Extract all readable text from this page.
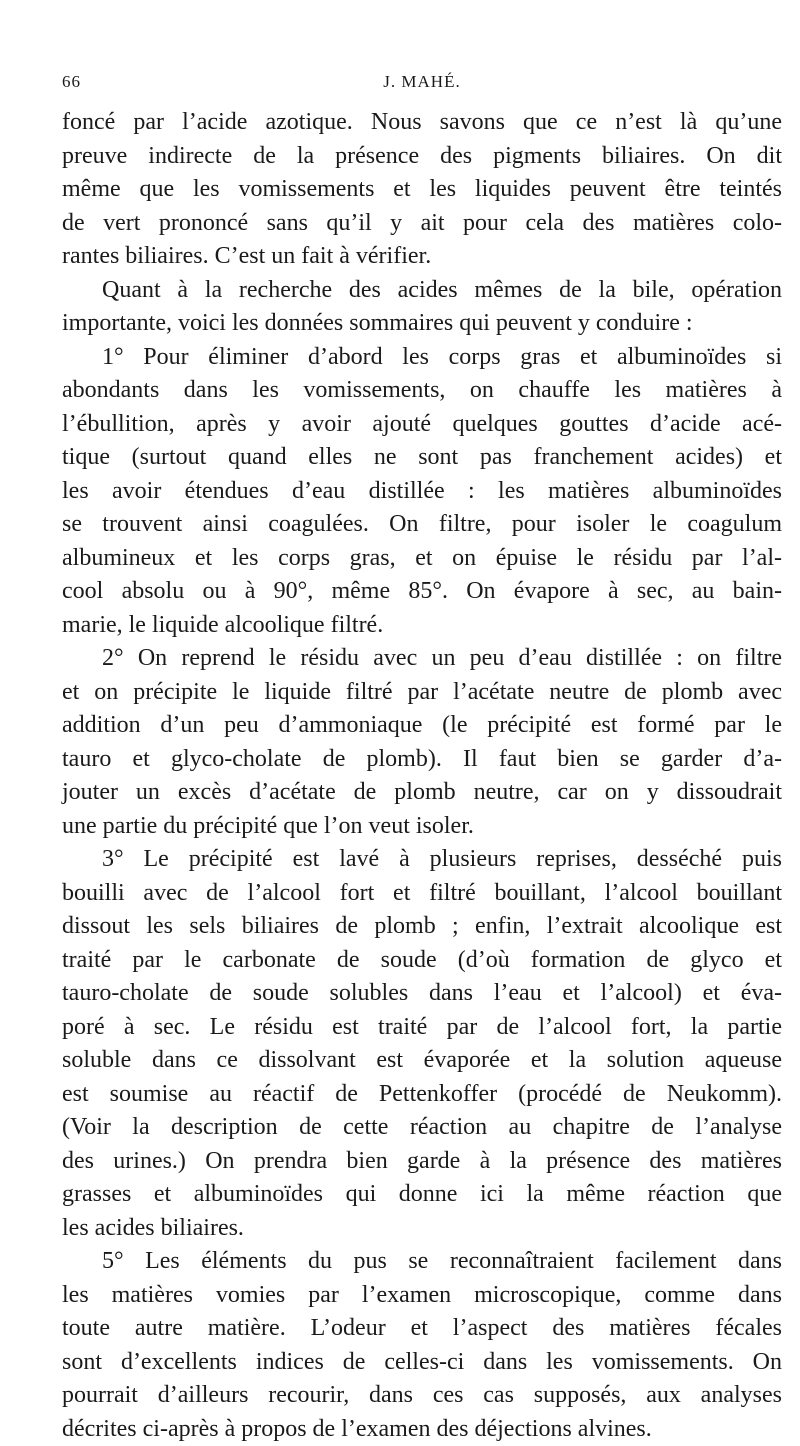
66	J. MAHÉ.

foncé par l’acide azotique. Nous savons que ce n’est là qu’une
preuve indirecte de la présence des pigments biliaires. On dit
même que les vomissements et les liquides peuvent être teintés
de vert prononcé sans qu’il y ait pour cela des matières colo-
rantes biliaires. C’est un fait à vérifier.

Quant à la recherche des acides mêmes de la bile, opération
importante, voici les données sommaires qui peuvent y conduire :

1° Pour éliminer d’abord les corps gras et albuminoïdes si
abondants dans les vomissements, on chauffe les matières à
l’ébullition, après y avoir ajouté quelques gouttes d’acide acé-
tique (surtout quand elles ne sont pas franchement acides) et
les avoir étendues d’eau distillée : les matières albuminoïdes
se trouvent ainsi coagulées. On filtre, pour isoler le coagulum
albumineux et les corps gras, et on épuise le résidu par l’al-
cool absolu ou à 90°, même 85°. On évapore à sec, au bain-
marie, le liquide alcoolique filtré.

2° On reprend le résidu avec un peu d’eau distillée : on filtre
et on précipite le liquide filtré par l’acétate neutre de plomb avec
addition d’un peu d’ammoniaque (le précipité est formé par le
tauro et glyco-cholate de plomb). Il faut bien se garder d’a-
jouter un excès d’acétate de plomb neutre, car on y dissoudrait
une partie du précipité que l’on veut isoler.

3° Le précipité est lavé à plusieurs reprises, desséché puis
bouilli avec de l’alcool fort et filtré bouillant, l’alcool bouillant
dissout les sels biliaires de plomb ; enfin, l’extrait alcoolique est
traité par le carbonate de soude (d’où formation de glyco et
tauro-cholate de soude solubles dans l’eau et l’alcool) et éva-
poré à sec. Le résidu est traité par de l’alcool fort, la partie
soluble dans ce dissolvant est évaporée et la solution aqueuse
est soumise au réactif de Pettenkoffer (procédé de Neukomm).
(Voir la description de cette réaction au chapitre de l’analyse
des urines.) On prendra bien garde à la présence des matières
grasses et albuminoïdes qui donne ici la même réaction que
les acides biliaires.

5° Les éléments du pus se reconnaîtraient facilement dans
les matières vomies par l’examen microscopique, comme dans
toute autre matière. L’odeur et l’aspect des matières fécales
sont d’excellents indices de celles-ci dans les vomissements. On
pourrait d’ailleurs recourir, dans ces cas supposés, aux analyses
décrites ci-après à propos de l’examen des déjections alvines.
